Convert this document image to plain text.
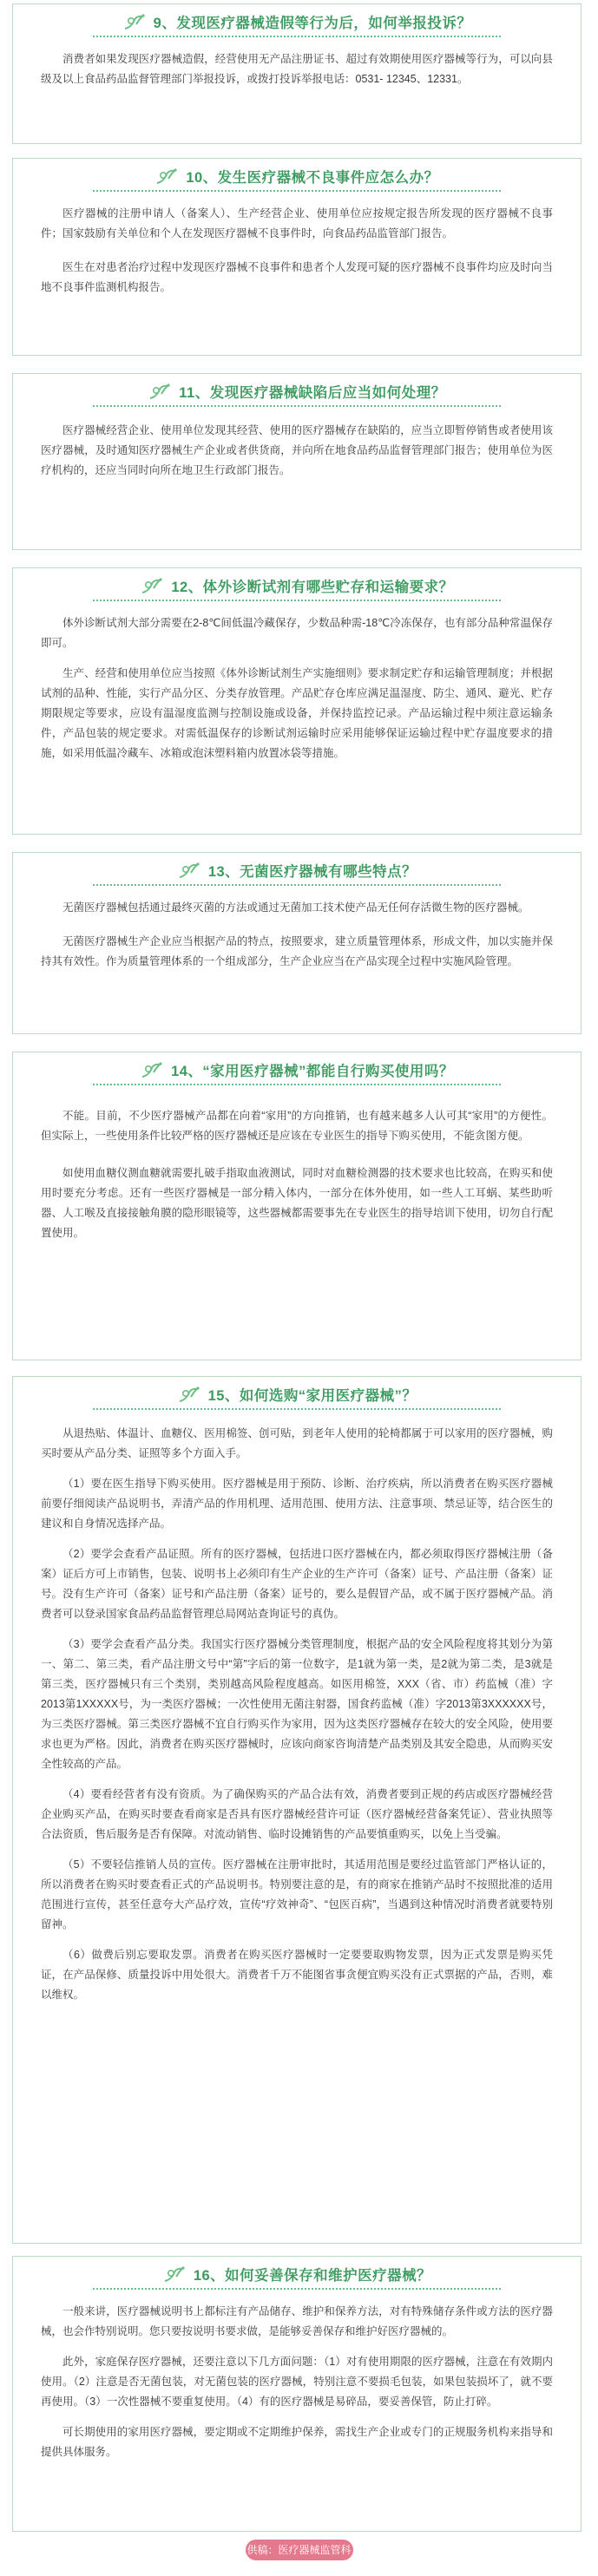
9、发现医疗器械造假等行为后，如何举报投诉？

消费者如果发现医疗器械造假，经营使用无产品注册证书、超过有效期使用医疗器械等行为，可以向县级及以上食品药品监督管理部门举报投诉，或拨打投诉举报电话：0531- 12345、12331。

10、发生医疗器械不良事件应怎么办？

医疗器械的注册申请人（备案人）、生产经营企业、使用单位应按规定报告所发现的医疗器械不良事件；国家鼓励有关单位和个人在发现医疗器械不良事件时，向食品药品监管部门报告。

医生在对患者治疗过程中发现医疗器械不良事件和患者个人发现可疑的医疗器械不良事件均应及时向当地不良事件监测机构报告。

11、发现医疗器械缺陷后应当如何处理？

医疗器械经营企业、使用单位发现其经营、使用的医疗器械存在缺陷的，应当立即暂停销售或者使用该医疗器械，及时通知医疗器械生产企业或者供货商，并向所在地食品药品监督管理部门报告；使用单位为医疗机构的，还应当同时向所在地卫生行政部门报告。

12、体外诊断试剂有哪些贮存和运输要求？

体外诊断试剂大部分需要在2-8℃间低温冷藏保存，少数品种需-18℃冷冻保存，也有部分品种常温保存即可。

生产、经营和使用单位应当按照《体外诊断试剂生产实施细则》要求制定贮存和运输管理制度；并根据试剂的品种、性能，实行产品分区、分类存放管理。产品贮存仓库应满足温湿度、防尘、通风、避光、贮存期限规定等要求，应设有温湿度监测与控制设施或设备，并保持监控记录。产品运输过程中须注意运输条件，产品包装的规定要求。对需低温保存的诊断试剂运输时应采用能够保证运输过程中贮存温度要求的措施，如采用低温冷藏车、冰箱或泡沫塑料箱内放置冰袋等措施。

13、无菌医疗器械有哪些特点？

无菌医疗器械包括通过最终灭菌的方法或通过无菌加工技术使产品无任何存活微生物的医疗器械。

无菌医疗器械生产企业应当根据产品的特点，按照要求，建立质量管理体系，形成文件，加以实施并保持其有效性。作为质量管理体系的一个组成部分，生产企业应当在产品实现全过程中实施风险管理。

14、“家用医疗器械”都能自行购买使用吗？

不能。目前，不少医疗器械产品都在向着“家用”的方向推销，也有越来越多人认可其“家用”的方便性。但实际上，一些使用条件比较严格的医疗器械还是应该在专业医生的指导下购买使用，不能贪图方便。

如使用血糖仪测血糖就需要扎破手指取血液测试，同时对血糖检测器的技术要求也比较高，在购买和使用时要充分考虑。还有一些医疗器械是一部分精入体内，一部分在体外使用，如一些人工耳蜗、某些助听器、人工喉及直接接触角膜的隐形眼镜等，这些器械都需要事先在专业医生的指导培训下使用，切勿自行配置使用。

15、如何选购“家用医疗器械”？

从退热贴、体温计、血糖仪、医用棉签、创可贴，到老年人使用的轮椅都属于可以家用的医疗器械，购买时要从产品分类、证照等多个方面入手。

（1）要在医生指导下购买使用。医疗器械是用于预防、诊断、治疗疾病，所以消费者在购买医疗器械前要仔细阅读产品说明书，弄清产品的作用机理、适用范围、使用方法、注意事项、禁忌证等，结合医生的建议和自身情况选择产品。

（2）要学会查看产品证照。所有的医疗器械，包括进口医疗器械在内，都必须取得医疗器械注册（备案）证后方可上市销售，包装、说明书上必须印有生产企业的生产许可（备案）证号、产品注册（备案）证号。没有生产许可（备案）证号和产品注册（备案）证号的，要么是假冒产品，或不属于医疗器械产品。消费者可以登录国家食品药品监督管理总局网站查询证号的真伪。

（3）要学会查看产品分类。我国实行医疗器械分类管理制度，根据产品的安全风险程度将其划分为第一、第二、第三类，看产品注册文号中“第”字后的第一位数字，是1就为第一类，是2就为第二类，是3就是第三类，医疗器械只有三个类别，类别越高风险程度越高。如医用棉签，XXX（省、市）药监械（准）字2013第1XXXXX号，为一类医疗器械；一次性使用无菌注射器，国食药监械（准）字2013第3XXXXXX号，为三类医疗器械。第三类医疗器械不宜自行购买作为家用，因为这类医疗器械存在较大的安全风险，使用要求也更为严格。因此，消费者在购买医疗器械时，应该向商家咨询清楚产品类别及其安全隐患，从而购买安全性较高的产品。

（4）要看经营者有没有资质。为了确保购买的产品合法有效，消费者要到正规的药店或医疗器械经营企业购买产品，在购买时要查看商家是否具有医疗器械经营许可证（医疗器械经营备案凭证）、营业执照等合法资质，售后服务是否有保障。对流动销售、临时设摊销售的产品要慎重购买，以免上当受骗。

（5）不要轻信推销人员的宣传。医疗器械在注册审批时，其适用范围是要经过监管部门严格认证的，所以消费者在购买时要查看正式的产品说明书。特别要注意的是，有的商家在推销产品时不按照批准的适用范围进行宣传，甚至任意夸大产品疗效，宣传“疗效神奇”、“包医百病”，当遇到这种情况时消费者就要特别留神。

（6）做费后别忘要取发票。消费者在购买医疗器械时一定要要取购物发票，因为正式发票是购买凭证，在产品保修、质量投诉中用处很大。消费者千万不能图省事贪便宜购买没有正式票据的产品，否则，难以维权。

16、如何妥善保存和维护医疗器械？

一般来讲，医疗器械说明书上都标注有产品储存、维护和保养方法，对有特殊储存条件或方法的医疗器械，也会作特别说明。您只要按说明书要求做，是能够妥善保存和维护好医疗器械的。

此外，家庭保存医疗器械，还要注意以下几方面问题：（1）对有使用期限的医疗器械，注意在有效期内使用。（2）注意是否无菌包装，对无菌包装的医疗器械，特别注意不要损毛包装，如果包装损坏了，就不要再使用。（3）一次性器械不要重复使用。（4）有的医疗器械是易碎品，要妥善保管，防止打碎。

可长期使用的家用医疗器械，要定期或不定期维护保养，需找生产企业或专门的正规服务机构来指导和提供具体服务。

供稿：医疗器械监管科
